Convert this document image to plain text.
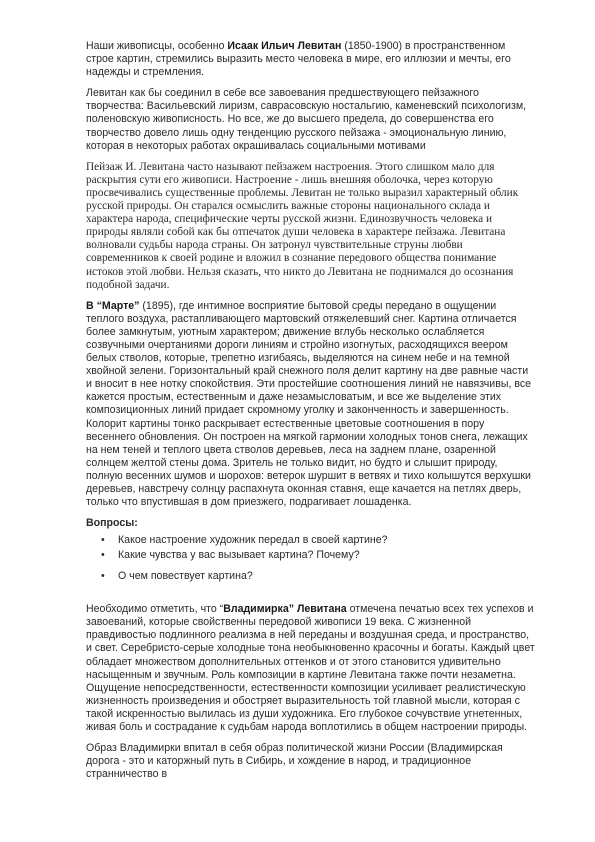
Наши живописцы, особенно Исаак Ильич Левитан (1850-1900) в пространственном строе картин, стремились выразить место человека в мире, его иллюзии и мечты, его надежды и стремления.

Левитан как бы соединил в себе все завоевания предшествующего пейзажного творчества: Васильевский лиризм, саврасовскую ностальгию, каменевский психологизм, поленовскую живописность. Но все, же до высшего предела, до совершенства его творчество довело лишь одну тенденцию русского пейзажа - эмоциональную линию, которая в некоторых работах окрашивалась социальными мотивами

Пейзаж И. Левитана часто называют пейзажем настроения. Этого слишком мало для раскрытия сути его живописи. Настроение - лишь внешняя оболочка, через которую просвечивались существенные проблемы. Левитан не только выразил характерный облик русской природы. Он старался осмыслить важные стороны национального склада и характера народа, специфические черты русской жизни. Единозвучность человека и природы являли собой как бы отпечаток души человека в характере пейзажа. Левитана волновали судьбы народа страны. Он затронул чувствительные струны любви современников к своей родине и вложил в сознание передового общества понимание истоков этой любви. Нельзя сказать, что никто до Левитана не поднимался до осознания подобной задачи.

В “Марте” (1895), где интимное восприятие бытовой среды передано в ощущении теплого воздуха, растапливающего мартовский отяжелевший снег. Картина отличается более замкнутым, уютным характером; движение вглубь несколько ослабляется созвучными очертаниями дороги линиям и стройно изогнутых, расходящихся веером белых стволов, которые, трепетно изгибаясь, выделяются на синем небе и на темной хвойной зелени. Горизонтальный край снежного поля делит картину на две равные части и вносит в нее нотку спокойствия. Эти простейшие соотношения линий не навязчивы, все кажется простым, естественным и даже незамысловатым, и все же выделение этих композиционных линий придает скромному уголку и законченность и завершенность. Колорит картины тонко раскрывает естественные цветовые соотношения в пору весеннего обновления. Он построен на мягкой гармонии холодных тонов снега, лежащих на нем теней и теплого цвета стволов деревьев, леса на заднем плане, озаренной солнцем желтой стены дома. Зритель не только видит, но будто и слышит природу, полную весенних шумов и шорохов: ветерок шуршит в ветвях и тихо колышутся верхушки деревьев, навстречу солнцу распахнута оконная ставня, еще качается на петлях дверь, только что впустившая в дом приезжего, подрагивает лошаденка.

Вопросы:
• Какое настроение художник передал в своей картине?
• Какие чувства у вас вызывает картина? Почему?
• О чем повествует картина?

Необходимо отметить, что “Владимирка” Левитана отмечена печатью всех тех успехов и завоеваний, которые свойственны передовой живописи 19 века. С жизненной правдивостью подлинного реализма в ней переданы и воздушная среда, и пространство, и свет. Серебристо-серые холодные тона необыкновенно красочны и богаты. Каждый цвет обладает множеством дополнительных оттенков и от этого становится удивительно насыщенным и звучным. Роль композиции в картине Левитана также почти незаметна. Ощущение непосредственности, естественности композиции усиливает реалистическую жизненность произведения и обостряет выразительность той главной мысли, которая с такой искренностью вылилась из души художника. Его глубокое сочувствие угнетенных, живая боль и сострадание к судьбам народа воплотились в общем настроении природы.

Образ Владимирки впитал в себя образ политической жизни России (Владимирская дорога - это и каторжный путь в Сибирь, и хождение в народ, и традиционное странничество в
